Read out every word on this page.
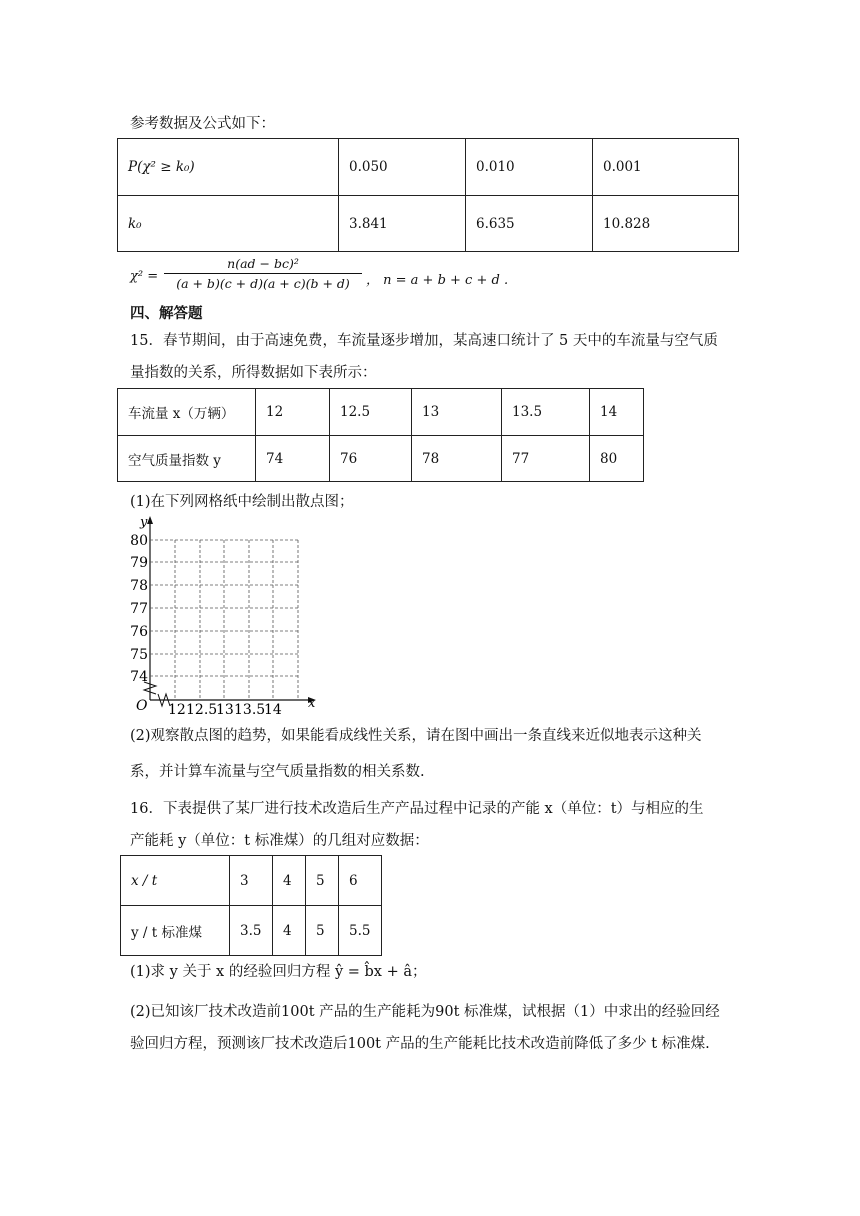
参考数据及公式如下：
P(χ² ≥ k₀)	0.050	0.010	0.001
k₀	3.841	6.635	10.828
χ² =
n(ad − bc)²
(a + b)(c + d)(a + c)(b + d)	， n = a + b + c + d .
四、解答题
15．春节期间，由于高速免费，车流量逐步增加，某高速口统计了 5 天中的车流量与空气质
量指数的关系，所得数据如下表所示：
车流量 x（万辆）	12	12.5	13	13.5	14
空气质量指数 y	74	76	78	77	80
(1)在下列网格纸中绘制出散点图；
y
x
O
80
79
78
77
76
75
74
12 12.5
13 13.5
14
(2)观察散点图的趋势，如果能看成线性关系，请在图中画出一条直线来近似地表示这种关
系，并计算车流量与空气质量指数的相关系数.
16．下表提供了某厂进行技术改造后生产产品过程中记录的产能 x（单位：t）与相应的生
产能耗 y（单位：t 标准煤）的几组对应数据：
x / t	3	4	5	6
y / t 标准煤	3.5	4	5	5.5
(1)求 y 关于 x 的经验回归方程 ŷ = b̂x + â；
(2)已知该厂技术改造前100t 产品的生产能耗为90t 标准煤，试根据（1）中求出的经验回经
验回归方程，预测该厂技术改造后100t 产品的生产能耗比技术改造前降低了多少 t 标准煤.
